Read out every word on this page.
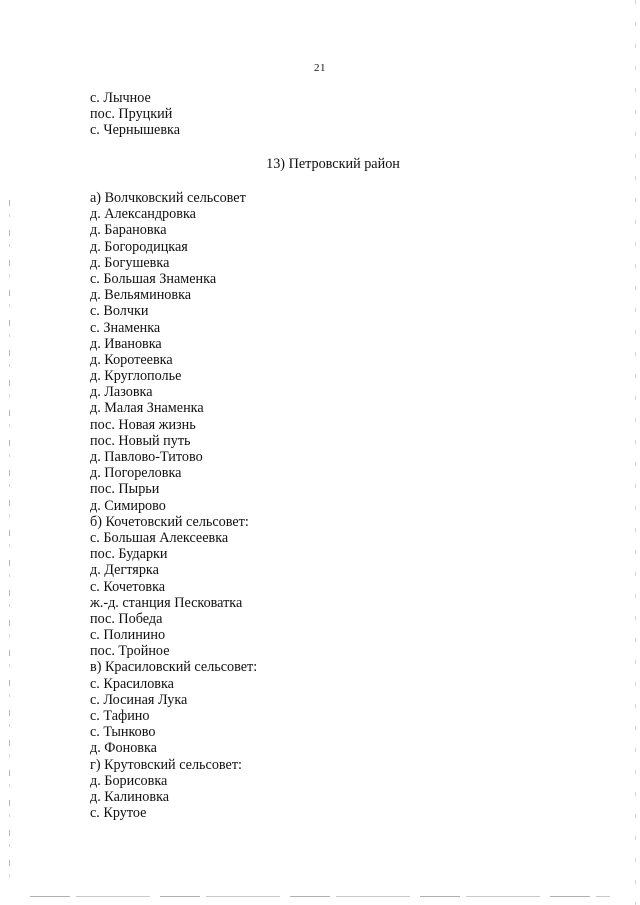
21
с. Лычное
пос. Пруцкий
с. Чернышевка
13) Петровский район
а) Волчковский сельсовет
д. Александровка
д. Барановка
д. Богородицкая
д. Богушевка
с. Большая Знаменка
д. Вельяминовка
с. Волчки
с. Знаменка
д. Ивановка
д. Коротеевка
д. Круглополье
д. Лазовка
д. Малая Знаменка
пос. Новая жизнь
пос. Новый путь
д. Павлово-Титово
д. Погореловка
пос. Пырьи
д. Симирово
б) Кочетовский сельсовет:
с. Большая Алексеевка
пос. Бударки
д. Дегтярка
с. Кочетовка
ж.-д. станция Песковатка
пос. Победа
с. Полинино
пос. Тройное
в) Красиловский сельсовет:
с. Красиловка
с. Лосиная Лука
с. Тафино
с. Тынково
д. Фоновка
г) Крутовский сельсовет:
д. Борисовка
д. Калиновка
с. Крутое
